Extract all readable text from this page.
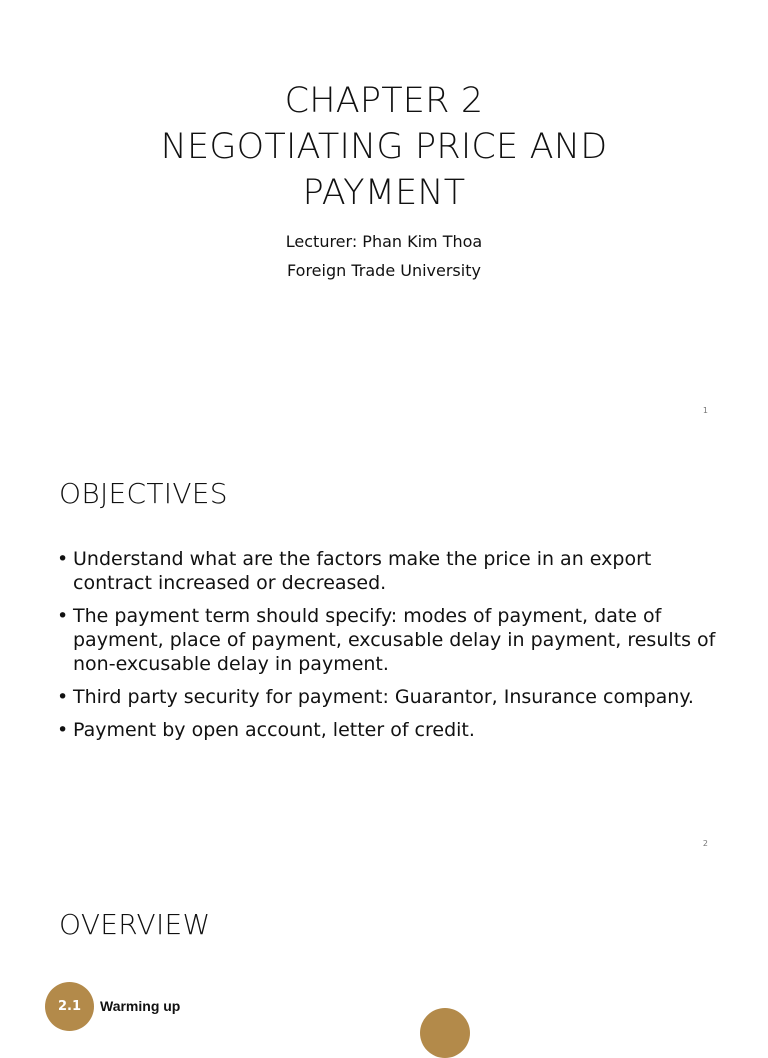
CHAPTER 2
NEGOTIATING PRICE AND
PAYMENT
Lecturer: Phan Kim Thoa
Foreign Trade University
1
OBJECTIVES
• Understand what are the factors make the price in an export contract increased or decreased.
• The payment term should specify: modes of payment, date of payment, place of payment, excusable delay in payment, results of non-excusable delay in payment.
• Third party security for payment: Guarantor, Insurance company.
• Payment by open account, letter of credit.
2
OVERVIEW
2.1	Warming up
